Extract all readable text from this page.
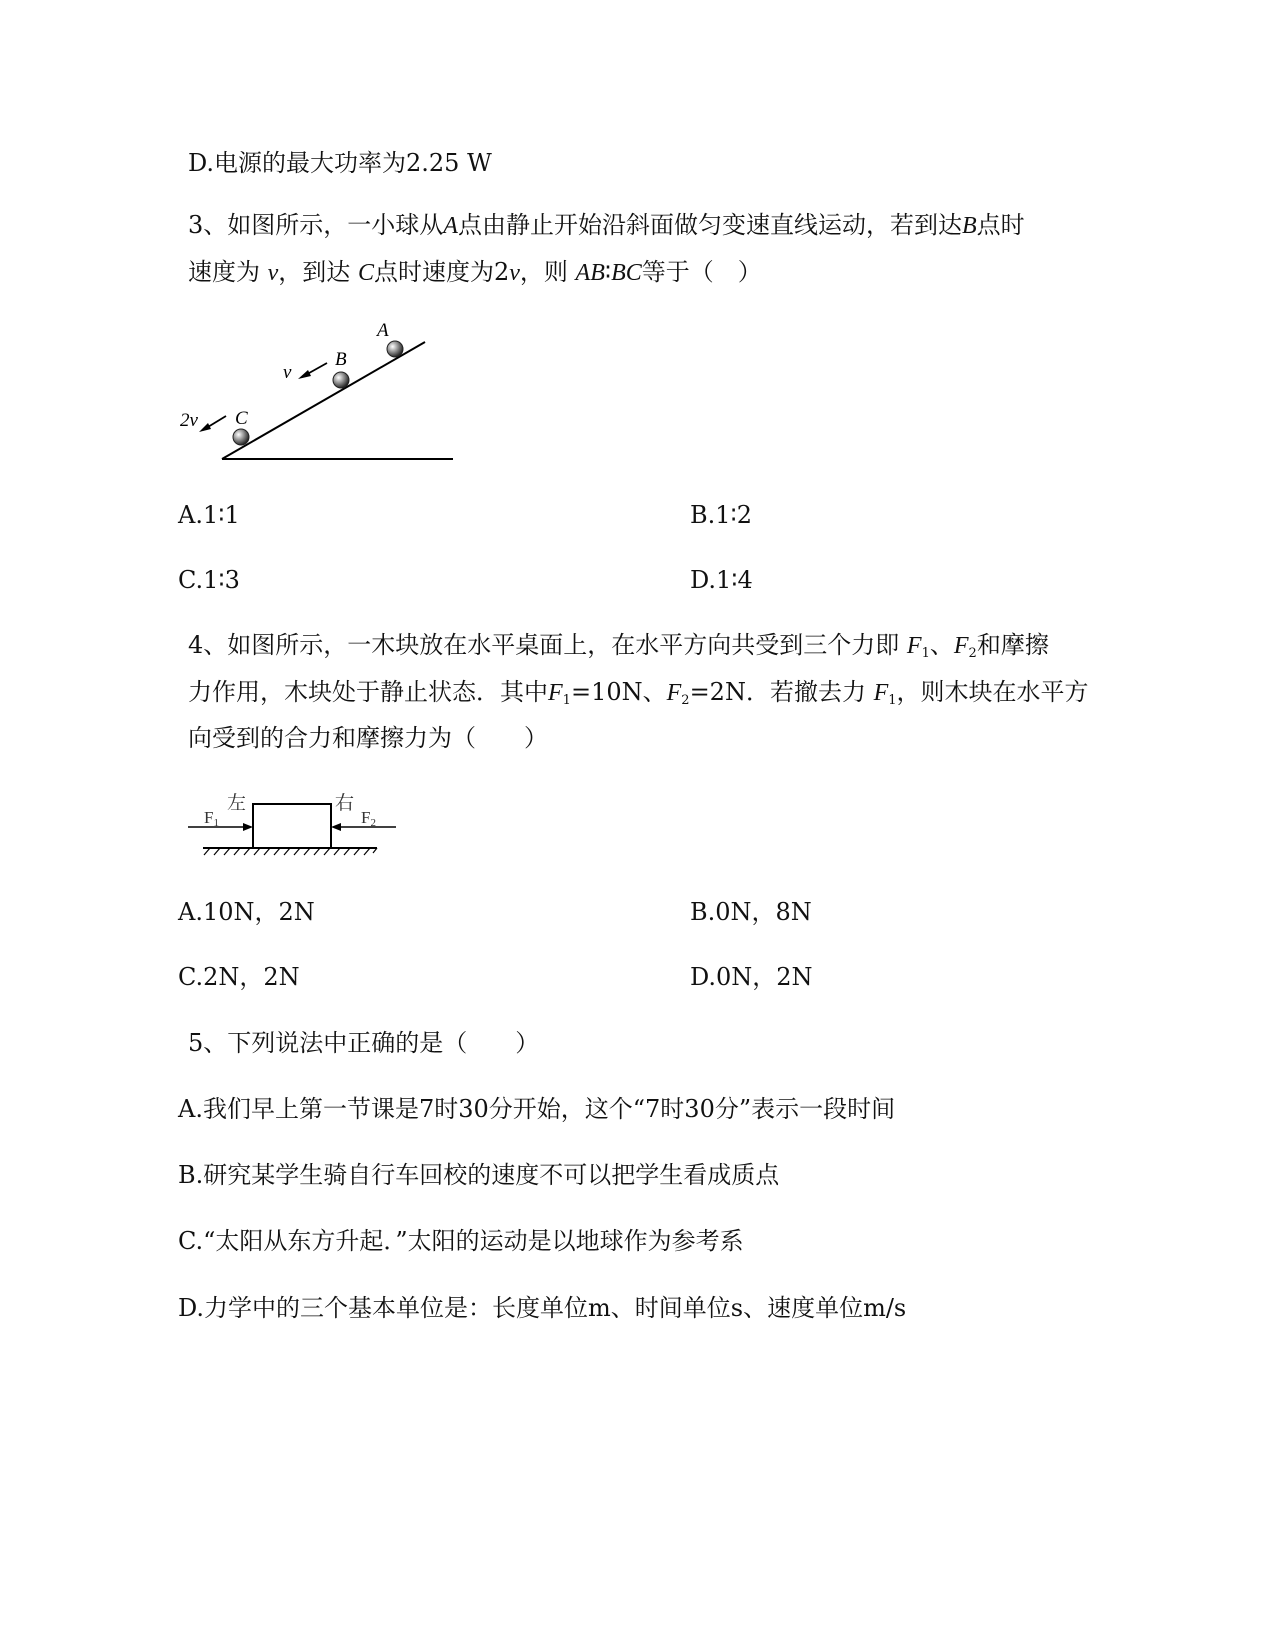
D.电源的最大功率为2.25 W
3、如图所示，一小球从A点由静止开始沿斜面做匀变速直线运动，若到达B点时
速度为 v，到达 C点时速度为2v，则 AB∶BC等于（　）
A
B
C
v
2v
A.1∶1	B.1∶2
C.1∶3	D.1∶4
4、如图所示，一木块放在水平桌面上，在水平方向共受到三个力即 $F_1$、$F_2$和摩擦
力作用，木块处于静止状态．其中$F_1=10N$、$F_2=2N$．若撤去力 $F_1$，则木块在水平方
向受到的合力和摩擦力为（　　）
左	右
F1	F2
A.10N，2N	B.0N，8N
C.2N，2N	D.0N，2N
5、下列说法中正确的是（　　）
A.我们早上第一节课是7时30分开始，这个“7时30分”表示一段时间
B.研究某学生骑自行车回校的速度不可以把学生看成质点
C.“太阳从东方升起．”太阳的运动是以地球作为参考系
D.力学中的三个基本单位是：长度单位m、时间单位s、速度单位m/s
